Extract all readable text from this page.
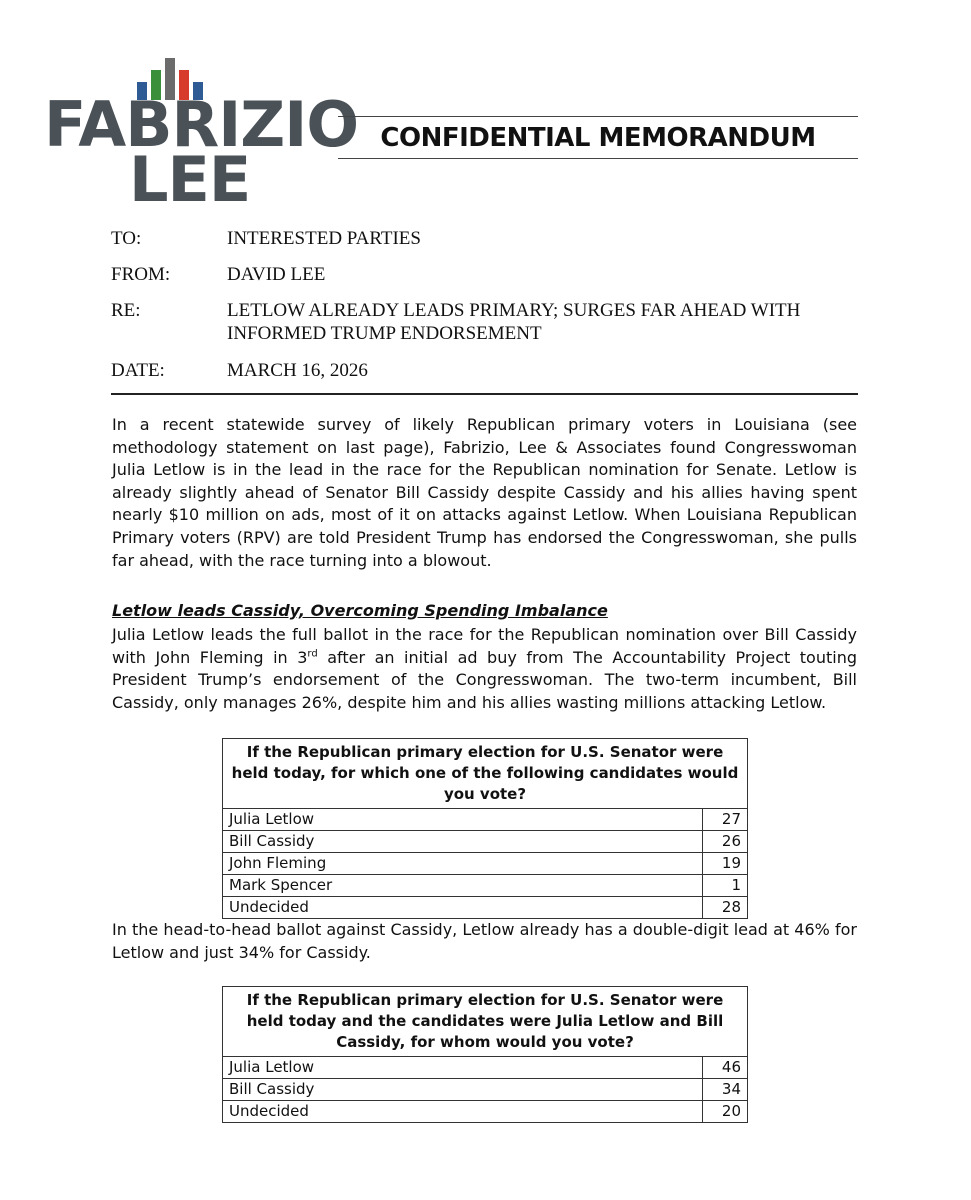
FABRIZIO
LEE
CONFIDENTIAL MEMORANDUM
TO:	INTERESTED PARTIES
FROM:	DAVID LEE
RE:	LETLOW ALREADY LEADS PRIMARY; SURGES FAR AHEAD WITH
INFORMED TRUMP ENDORSEMENT
DATE:	MARCH 16, 2026
In a recent statewide survey of likely Republican primary voters in Louisiana (see methodology statement on last page), Fabrizio, Lee & Associates found Congresswoman Julia Letlow is in the lead in the race for the Republican nomination for Senate. Letlow is already slightly ahead of Senator Bill Cassidy despite Cassidy and his allies having spent nearly $10 million on ads, most of it on attacks against Letlow. When Louisiana Republican Primary voters (RPV) are told President Trump has endorsed the Congresswoman, she pulls far ahead, with the race turning into a blowout.
Letlow leads Cassidy, Overcoming Spending Imbalance
Julia Letlow leads the full ballot in the race for the Republican nomination over Bill Cassidy with John Fleming in 3rd after an initial ad buy from The Accountability Project touting President Trump’s endorsement of the Congresswoman. The two-term incumbent, Bill Cassidy, only manages 26%, despite him and his allies wasting millions attacking Letlow.
If the Republican primary election for U.S. Senator were held today, for which one of the following candidates would you vote?	
Julia Letlow	27
Bill Cassidy	26
John Fleming	19
Mark Spencer	1
Undecided	28
In the head-to-head ballot against Cassidy, Letlow already has a double-digit lead at 46% for Letlow and just 34% for Cassidy.
If the Republican primary election for U.S. Senator were held today and the candidates were Julia Letlow and Bill Cassidy, for whom would you vote?	
Julia Letlow	46
Bill Cassidy	34
Undecided	20
